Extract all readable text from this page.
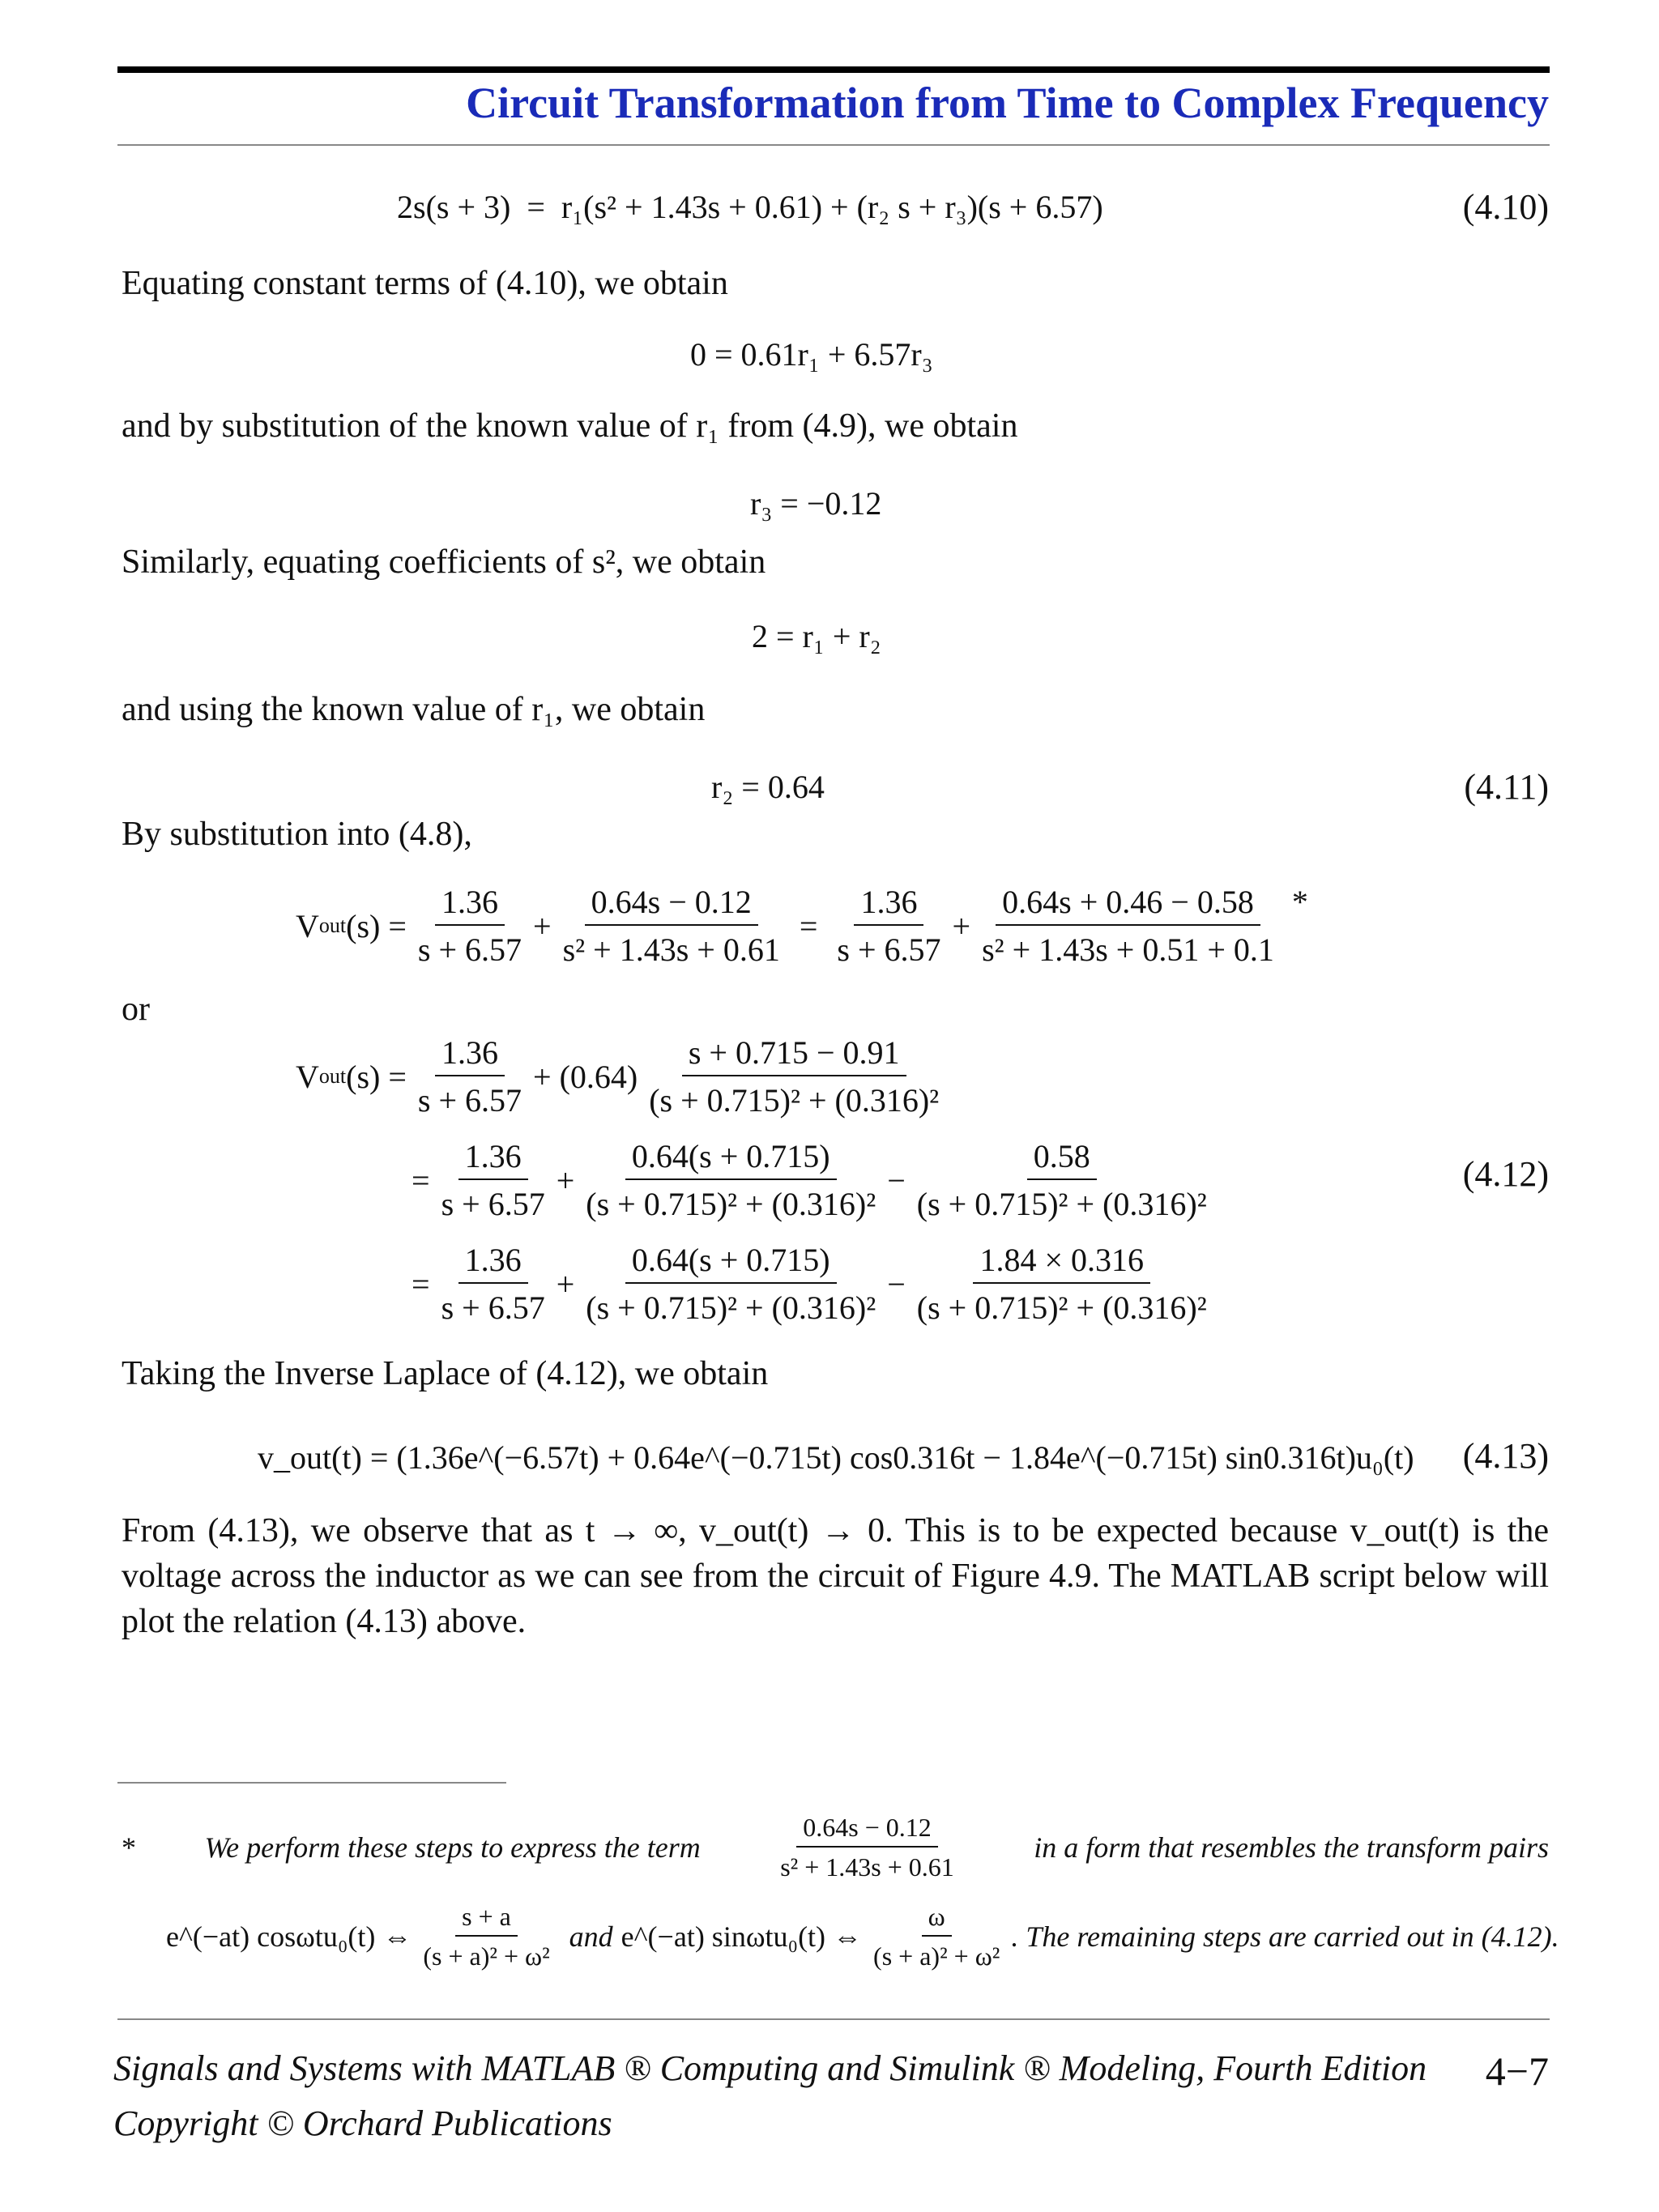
Circuit Transformation from Time to Complex Frequency
2s(s + 3)  =  r₁(s² + 1.43s + 0.61) + (r₂ s + r₃)(s + 6.57)	(4.10)
Equating constant terms of (4.10), we obtain
0 = 0.61r₁ + 6.57r₃
and by substitution of the known value of r₁ from (4.9), we obtain
r₃ = −0.12
Similarly, equating coefficients of s², we obtain
2 = r₁ + r₂
and using the known value of r₁, we obtain
r₂ = 0.64	(4.11)
By substitution into (4.8),
V out $(s) = \frac{1.36}{s + 6.57} + \frac{0.64s - 0.12}{\text{s² + 1.43s + 0.61}} = \frac{1.36}{s + 6.57} + \frac{0.64s + 0.46 - 0.58}{\text{s² + 1.43s + 0.51 + 0.1}}$ *
or
V out $(s) = \frac{1.36}{s + 6.57} + (0.64) \frac{s + 0.715 - 0.91}{\text{(s + 0.715)² + (0.316)²}}$
= $\frac{1.36}{s + 6.57} + \frac{0.64(s + 0.715)}{\text{(s + 0.715)² + (0.316)²}} - \frac{0.58}{\text{(s + 0.715)² + (0.316)²}}$	(4.12)
= $\frac{1.36}{s + 6.57} + \frac{0.64(s + 0.715)}{\text{(s + 0.715)² + (0.316)²}} - \frac{1.84 \times 0.316}{\text{(s + 0.715)² + (0.316)²}}$
Taking the Inverse Laplace of (4.12), we obtain
v_out(t) = (1.36e^(−6.57t) + 0.64e^(−0.715t) cos0.316t − 1.84e^(−0.715t) sin0.316t)u₀(t) (4.13)
From (4.13), we observe that as t → ∞, v_out(t) → 0. This is to be expected because v_out(t) is the voltage across the inductor as we can see from the circuit of Figure 4.9. The MATLAB script below will plot the relation (4.13) above.
* We perform these steps to express the term	$\frac{0.64s - 0.12}{\text{s² + 1.43s + 0.61}}$	in a form that resembles the transform pairs
e^(−at) cosωtu₀(t) ⇔ $\frac{s + a}{\text{(s + a)² + ω²}}$ and e^(−at) sinωtu₀(t) ⇔ $\frac{\omega}{\text{(s + a)² + ω²}}$ . The remaining steps are carried out in (4.12).
Signals and Systems with MATLAB ® Computing and Simulink ® Modeling, Fourth Edition
Copyright © Orchard Publications
4−7
